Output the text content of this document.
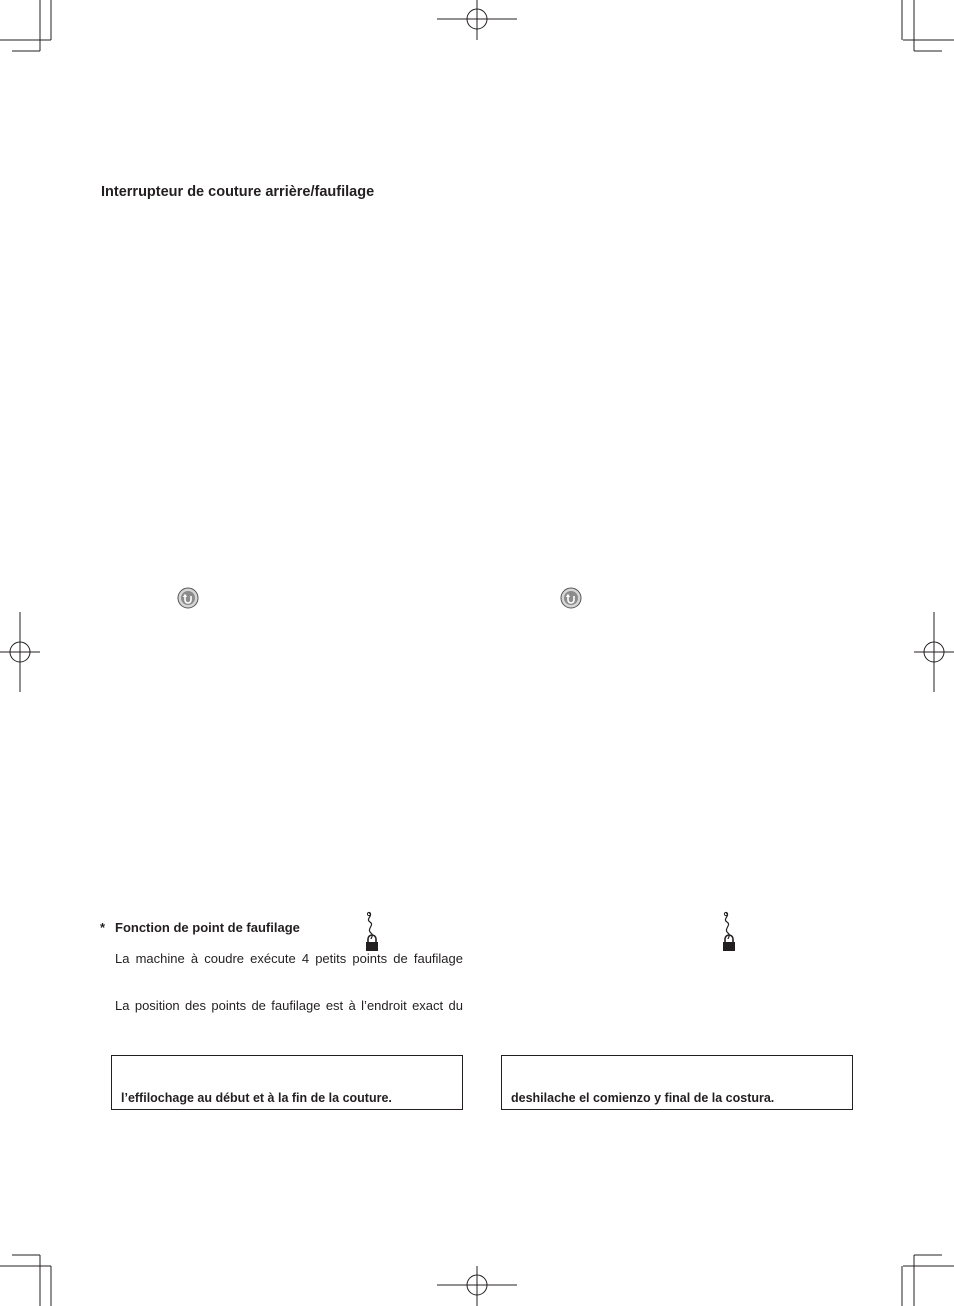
Interrupteur de couture arrière/faufilage
* Fonction de point de faufilage
La machine à coudre exécute 4 petits points de faufilage
La position des points de faufilage est à l’endroit exact du
l’effilochage au début et à la fin de la couture.	deshilache el comienzo y final de la costura.
